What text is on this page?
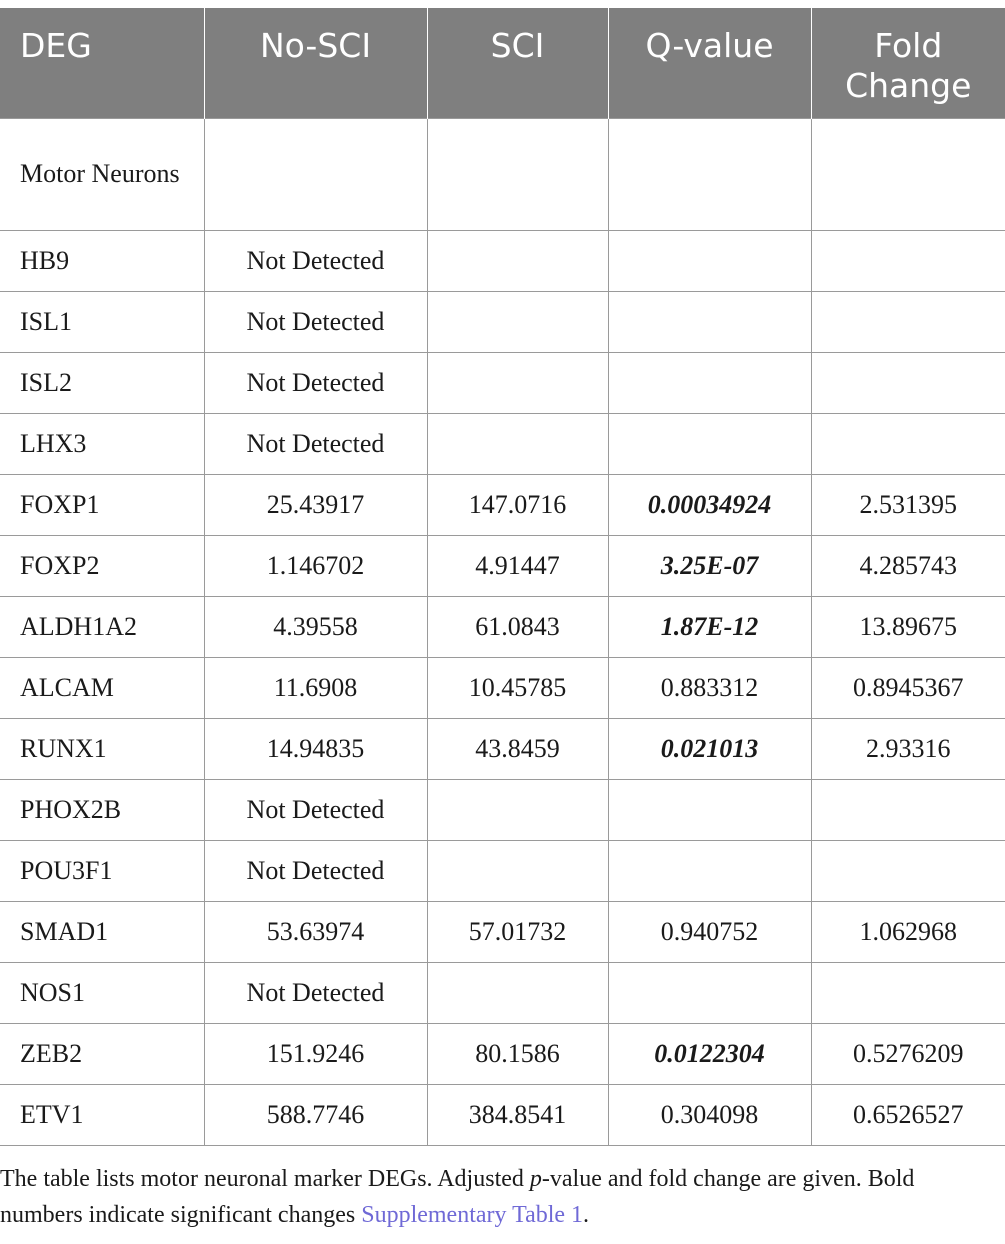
DEG	No-SCI	SCI	Q-value	Fold Change

Motor Neurons				
HB9	Not Detected			
ISL1	Not Detected			
ISL2	Not Detected			
LHX3	Not Detected			
FOXP1	25.43917	147.0716	0.00034924	2.531395
FOXP2	1.146702	4.91447	3.25E-07	4.285743
ALDH1A2	4.39558	61.0843	1.87E-12	13.89675
ALCAM	11.6908	10.45785	0.883312	0.8945367
RUNX1	14.94835	43.8459	0.021013	2.93316
PHOX2B	Not Detected			
POU3F1	Not Detected			
SMAD1	53.63974	57.01732	0.940752	1.062968
NOS1	Not Detected			
ZEB2	151.9246	80.1586	0.0122304	0.5276209
ETV1	588.7746	384.8541	0.304098	0.6526527
The table lists motor neuronal marker DEGs. Adjusted p-value and fold change are given. Bold numbers indicate significant changes Supplementary Table 1.
